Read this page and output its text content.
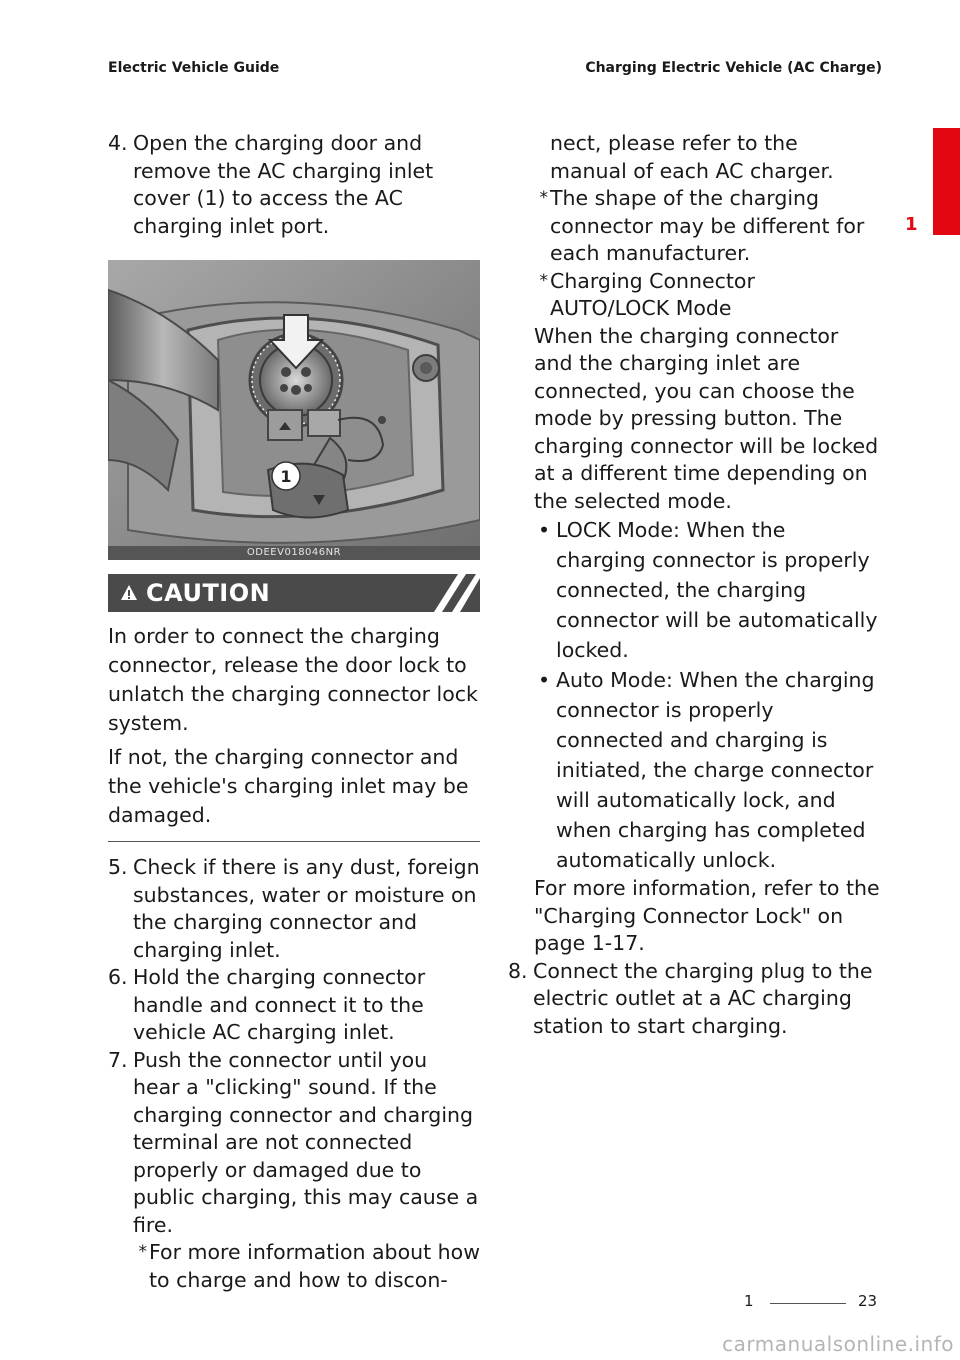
Electric Vehicle Guide	Charging Electric Vehicle (AC Charge)
1
4. Open the charging door and remove the AC charging inlet cover (1) to access the AC charging inlet port.
1
ODEEV018046NR
CAUTION

In order to connect the charging connector, release the door lock to unlatch the charging connector lock system.

If not, the charging connector and the vehicle's charging inlet may be damaged.

5. Check if there is any dust, foreign substances, water or moisture on the charging connector and charging inlet.
6. Hold the charging connector handle and connect it to the vehicle AC charging inlet.
7. Push the connector until you hear a "clicking" sound. If the charging connector and charging terminal are not connected properly or damaged due to public charging, this may cause a fire.
* For more information about how to charge and how to discon-
nect, please refer to the manual of each AC charger.
* The shape of the charging connector may be different for each manufacturer.
* Charging Connector AUTO/LOCK Mode
When the charging connector and the charging inlet are connected, you can choose the mode by pressing button. The charging connector will be locked at a different time depending on the selected mode.
• LOCK Mode: When the charging connector is properly connected, the charging connector will be automatically locked.
• Auto Mode: When the charging connector is properly connected and charging is initiated, the charge connector will automatically lock, and when charging has completed automatically unlock.
For more information, refer to the "Charging Connector Lock" on page 1-17.
8. Connect the charging plug to the electric outlet at a AC charging station to start charging.
1	23
carmanualsonline.info
